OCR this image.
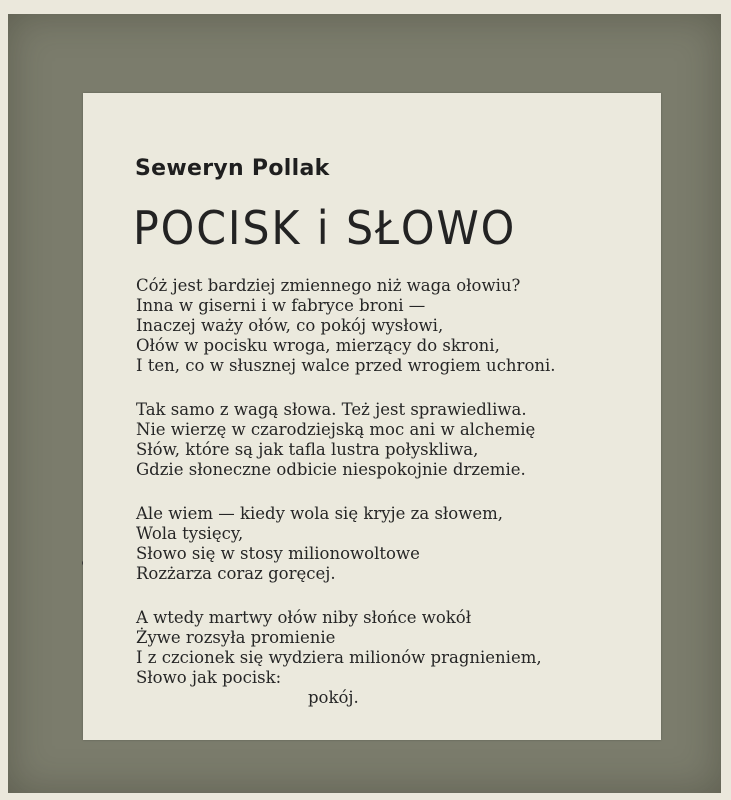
Seweryn Pollak
POCISK i SŁOWO
Cóż jest bardziej zmiennego niż waga ołowiu?
Inna w giserni i w fabryce broni —
Inaczej waży ołów, co pokój wysłowi,
Ołów w pocisku wroga, mierzący do skroni,
I ten, co w słusznej walce przed wrogiem uchroni.
Tak samo z wagą słowa. Też jest sprawiedliwa.
Nie wierzę w czarodziejską moc ani w alchemię
Słów, które są jak tafla lustra połyskliwa,
Gdzie słoneczne odbicie niespokojnie drzemie.
Ale wiem — kiedy wola się kryje za słowem,
Wola tysięcy,
Słowo się w stosy milionowoltowe
Rozżarza coraz goręcej.
A wtedy martwy ołów niby słońce wokół
Żywe rozsyła promienie
I z czcionek się wydziera milionów pragnieniem,
Słowo jak pocisk:
pokój.
